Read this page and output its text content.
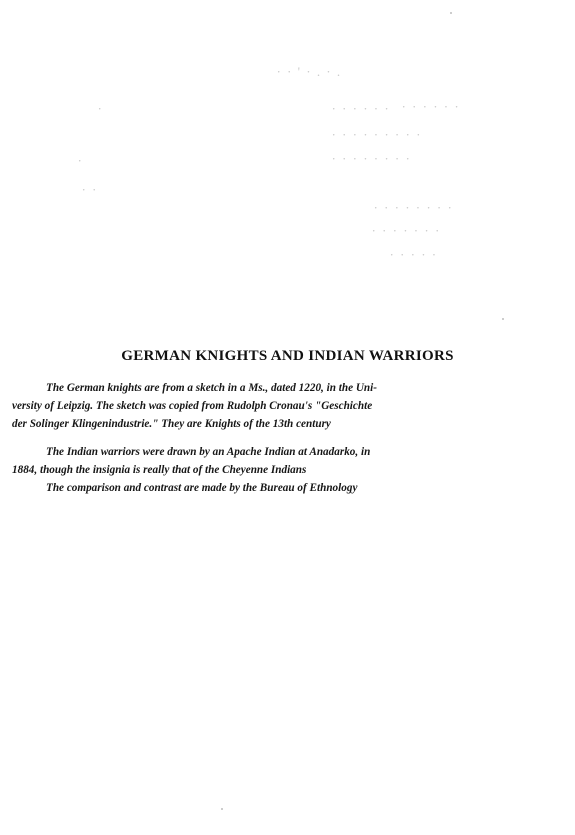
. · . · ' · ·
·	· · · · · · · · · · · ·
· · · · · · · · ·
·	· · · · · · · ·
· ·
· · · · · · · ·
· · · · · · ·
· · · · ·
GERMAN KNIGHTS AND INDIAN WARRIORS
The German knights are from a sketch in a Ms., dated 1220, in the Uni-
versity of Leipzig. The sketch was copied from Rudolph Cronau's "Geschichte
der Solinger Klingenindustrie." They are Knights of the 13th century
The Indian warriors were drawn by an Apache Indian at Anadarko, in
1884, though the insignia is really that of the Cheyenne Indians
The comparison and contrast are made by the Bureau of Ethnology
